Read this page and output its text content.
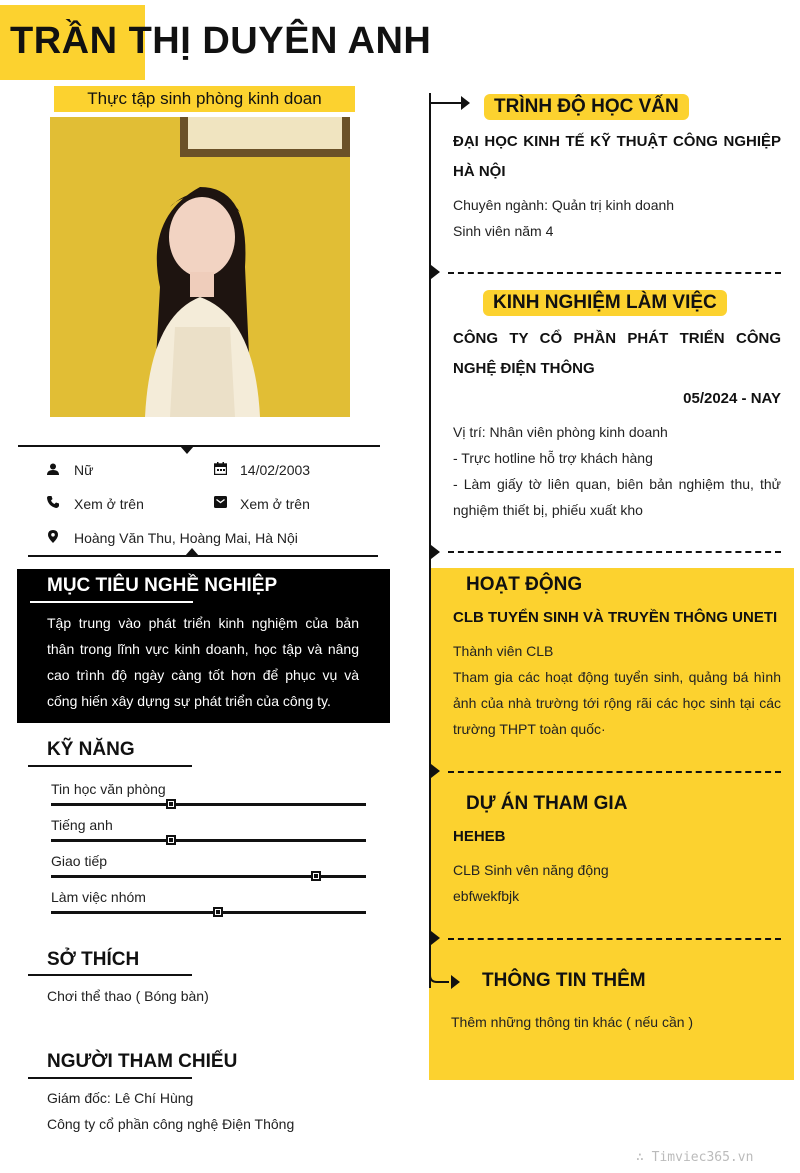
TRẦN THỊ DUYÊN ANH
Thực tập sinh phòng kinh doan
Nữ	14/02/2003
Xem ở trên	Xem ở trên
Hoàng Văn Thu, Hoàng Mai, Hà Nội
MỤC TIÊU NGHỀ NGHIỆP
Tập trung vào phát triển kinh nghiệm của bản thân trong lĩnh vực kinh doanh, học tập và nâng cao trình độ ngày càng tốt hơn để phục vụ và cống hiến xây dựng sự phát triển của công ty.
KỸ NĂNG
Tin học văn phòng
Tiếng anh
Giao tiếp
Làm việc nhóm
SỞ THÍCH
Chơi thể thao ( Bóng bàn)
NGƯỜI THAM CHIẾU
Giám đốc: Lê Chí Hùng
Công ty cổ phần công nghệ Điện Thông
TRÌNH ĐỘ HỌC VẤN
ĐẠI HỌC KINH TẾ KỸ THUẬT CÔNG NGHIỆP HÀ NỘI
Chuyên ngành: Quản trị kinh doanh
Sinh viên năm 4
KINH NGHIỆM LÀM VIỆC
CÔNG TY CỔ PHẦN PHÁT TRIỂN CÔNG NGHỆ ĐIỆN THÔNG
05/2024 - NAY
Vị trí: Nhân viên phòng kinh doanh
- Trực hotline hỗ trợ khách hàng
- Làm giấy tờ liên quan, biên bản nghiệm thu, thử nghiệm thiết bị, phiếu xuất kho
HOẠT ĐỘNG
CLB TUYỂN SINH VÀ TRUYỀN THÔNG UNETI
Thành viên CLB
Tham gia các hoạt động tuyển sinh, quảng bá hình ảnh của nhà trường tới rộng rãi các học sinh tại các trường THPT toàn quốc·
DỰ ÁN THAM GIA
HEHEB
CLB Sinh vên năng động
ebfwekfbjk
THÔNG TIN THÊM
Thêm những thông tin khác ( nếu cần )
∴ Timviec365.vn
